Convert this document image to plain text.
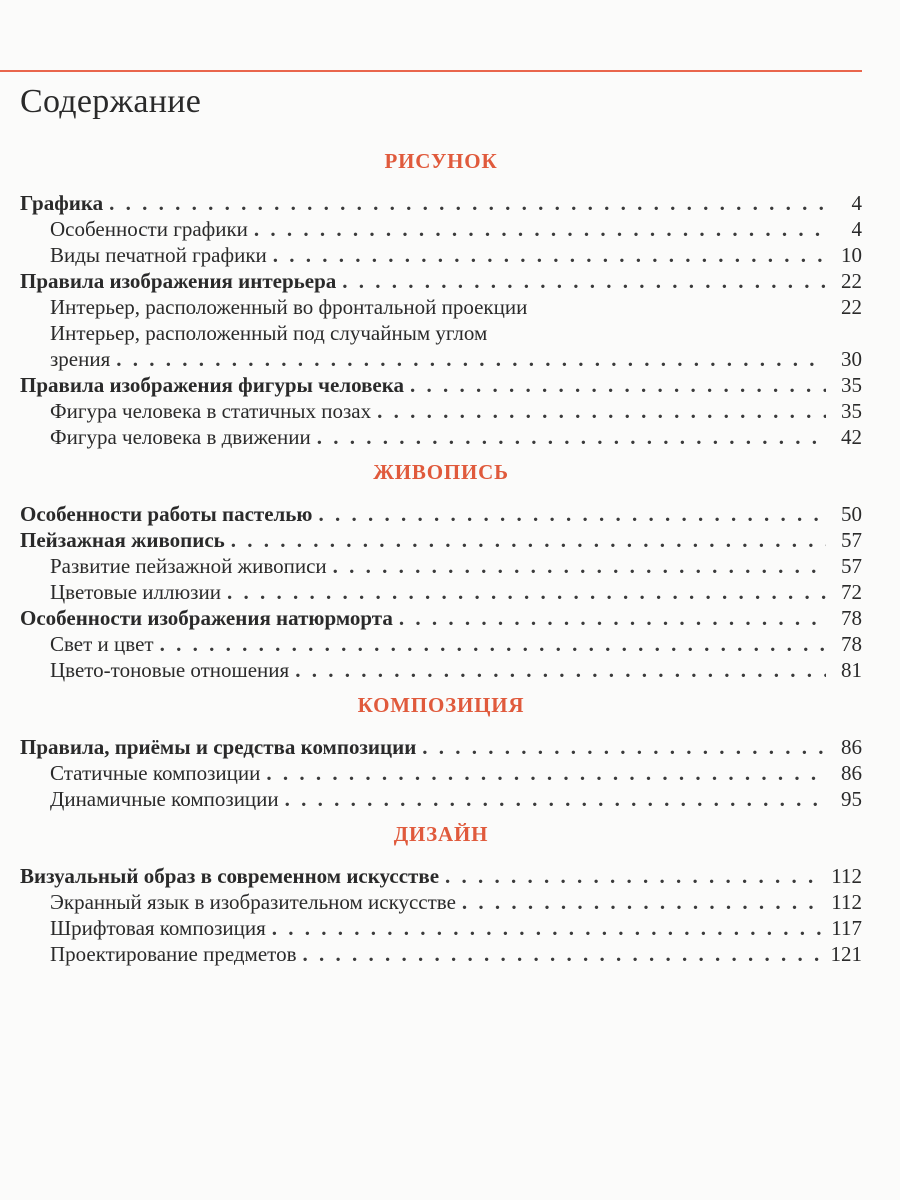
Содержание
РИСУНОК
Графика . . .	4
Особенности графики . . .	4
Виды печатной графики . . .	10
Правила изображения интерьера . . .	22
Интерьер, расположенный во фронтальной проекции	22
Интерьер, расположенный под случайным углом
зрения . . .	30
Правила изображения фигуры человека . . .	35
Фигура человека в статичных позах . . .	35
Фигура человека в движении . . .	42
ЖИВОПИСЬ
Особенности работы пастелью . . .	50
Пейзажная живопись . . .	57
Развитие пейзажной живописи . . .	57
Цветовые иллюзии . . .	72
Особенности изображения натюрморта . . .	78
Свет и цвет . . .	78
Цвето-тоновые отношения . . .	81
КОМПОЗИЦИЯ
Правила, приёмы и средства композиции . . .	86
Статичные композиции . . .	86
Динамичные композиции . . .	95
ДИЗАЙН
Визуальный образ в современном искусстве . . .	112
Экранный язык в изобразительном искусстве . . .	112
Шрифтовая композиция . . .	117
Проектирование предметов . . .	121
